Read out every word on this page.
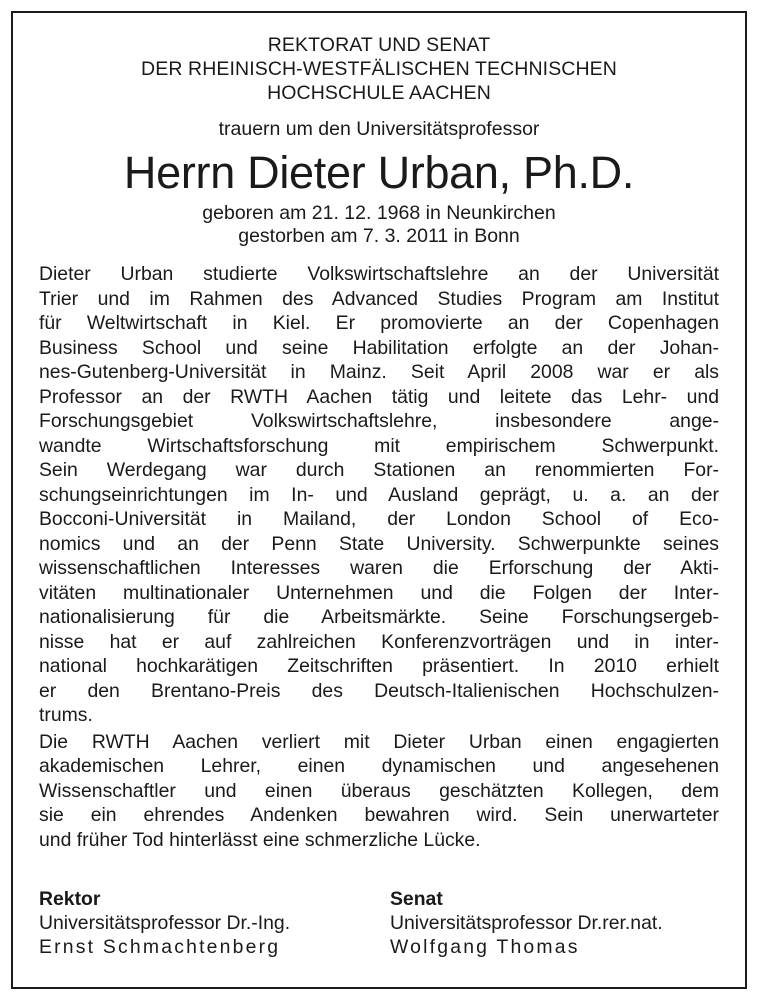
REKTORAT UND SENAT
DER RHEINISCH-WESTFÄLISCHEN TECHNISCHEN
HOCHSCHULE AACHEN
trauern um den Universitätsprofessor
Herrn Dieter Urban, Ph.D.
geboren am 21. 12. 1968 in Neunkirchen
gestorben am 7. 3. 2011 in Bonn
Dieter Urban studierte Volkswirtschaftslehre an der Universität
Trier und im Rahmen des Advanced Studies Program am Institut
für Weltwirtschaft in Kiel. Er promovierte an der Copenhagen
Business School und seine Habilitation erfolgte an der Johan-
nes-Gutenberg-Universität in Mainz. Seit April 2008 war er als
Professor an der RWTH Aachen tätig und leitete das Lehr- und
Forschungsgebiet Volkswirtschaftslehre, insbesondere ange-
wandte Wirtschaftsforschung mit empirischem Schwerpunkt.
Sein Werdegang war durch Stationen an renommierten For-
schungseinrichtungen im In- und Ausland geprägt, u. a. an der
Bocconi-Universität in Mailand, der London School of Eco-
nomics und an der Penn State University. Schwerpunkte seines
wissenschaftlichen Interesses waren die Erforschung der Akti-
vitäten multinationaler Unternehmen und die Folgen der Inter-
nationalisierung für die Arbeitsmärkte. Seine Forschungsergeb-
nisse hat er auf zahlreichen Konferenzvorträgen und in inter-
national hochkarätigen Zeitschriften präsentiert. In 2010 erhielt
er den Brentano-Preis des Deutsch-Italienischen Hochschulzen-
trums.
Die RWTH Aachen verliert mit Dieter Urban einen engagierten
akademischen Lehrer, einen dynamischen und angesehenen
Wissenschaftler und einen überaus geschätzten Kollegen, dem
sie ein ehrendes Andenken bewahren wird. Sein unerwarteter
und früher Tod hinterlässt eine schmerzliche Lücke.
Rektor
Universitätsprofessor Dr.-Ing.
Ernst Schmachtenberg
Senat
Universitätsprofessor Dr.rer.nat.
Wolfgang Thomas
